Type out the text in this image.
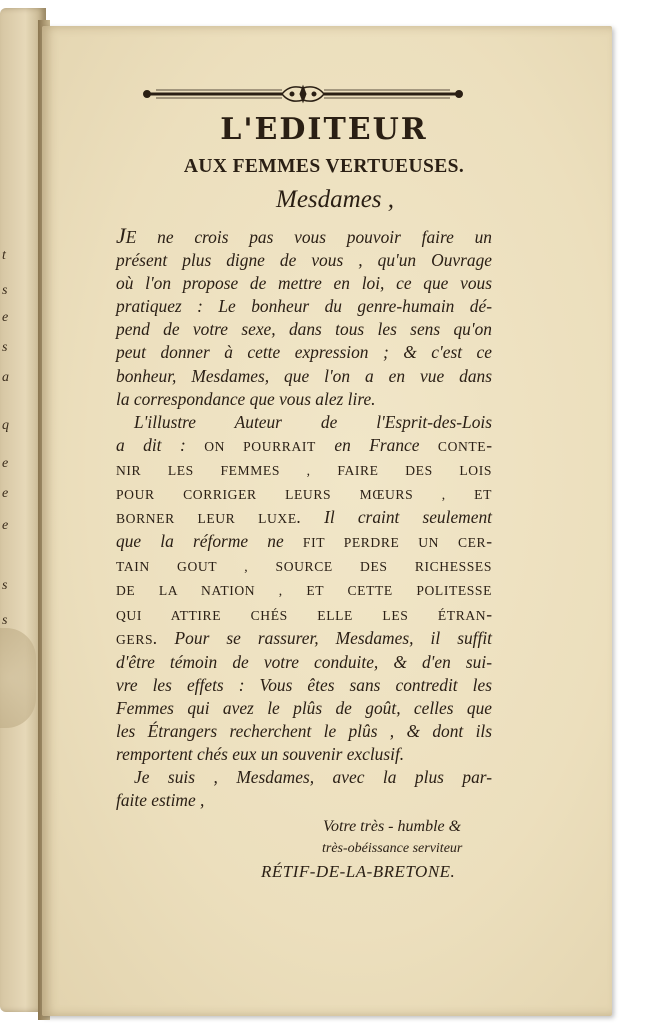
t
s
e
s
a
q
e
e
e
s
s
L'EDITEUR
AUX FEMMES VERTUEUSES.
Mesdames ,
JE ne crois pas vous pouvoir faire un
présent plus digne de vous , qu'un Ouvrage
où l'on propose de mettre en loi, ce que vous
pratiquez : Le bonheur du genre-humain dé-
pend de votre sexe, dans tous les sens qu'on
peut donner à cette expression ; & c'est ce
bonheur, Mesdames, que l'on a en vue dans
la correspondance que vous alez lire.
L'illustre Auteur de l'Esprit-des-Lois
a dit : ON POURRAIT en France CONTE-
NIR LES FEMMES , FAIRE DES LOIS
POUR CORRIGER LEURS MŒURS , ET
BORNER LEUR LUXE. Il craint seulement
que la réforme ne FIT PERDRE UN CER-
TAIN GOUT , SOURCE DES RICHESSES
DE LA NATION , ET CETTE POLITESSE
QUI ATTIRE CHÉS ELLE LES ÉTRAN-
GERS. Pour se rassurer, Mesdames, il suffit
d'être témoin de votre conduite, & d'en sui-
vre les effets : Vous êtes sans contredit les
Femmes qui avez le plûs de goût, celles que
les Étrangers recherchent le plûs , & dont ils
remportent chés eux un souvenir exclusif.
Je suis , Mesdames, avec la plus par-
faite estime ,
Votre très - humble &
très-obéissance serviteur
RÉTIF-DE-LA-BRETONE.
